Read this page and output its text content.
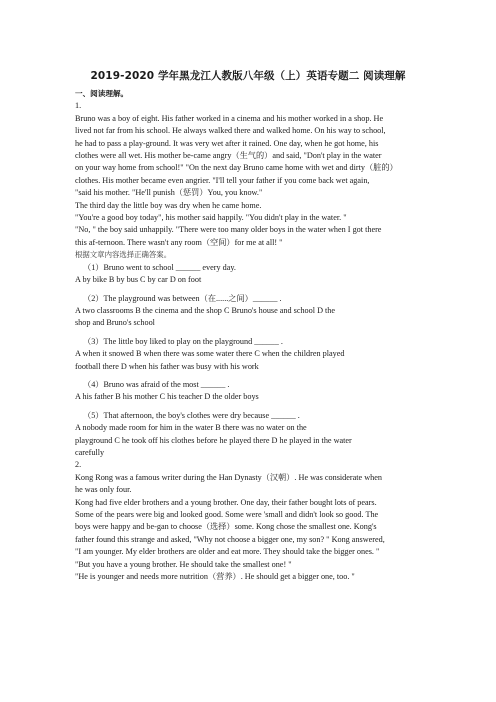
2019-2020 学年黑龙江人教版八年级（上）英语专题二 阅读理解
一、阅读理解。
1.
Bruno was a boy of eight. His father worked in a cinema and his mother worked in a shop. He
lived not far from his school. He always walked there and walked home. On his way to school,
he had to pass a play-ground. It was very wet after it rained. One day, when he got home, his
clothes were all wet. His mother be-came angry（生气的）and said, "Don't play in the water
on your way home from school!" "On the next day Bruno came home with wet and dirty（脏的）
clothes. His mother became even angrier. "I'll tell your father if you come back wet again,
"said his mother. "He'll punish（惩罚）You, you know."
The third day the little boy was dry when he came home.
"You're a good boy today", his mother said happily. "You didn't play in the water. "
"No, " the boy said unhappily. "There were too many older boys in the water when I got there
this af-ternoon. There wasn't any room（空间）for me at all! "
根据文章内容选择正确答案。
（1）Bruno went to school ______ every day.
A by bike B by bus C by car D on foot
（2）The playground was between（在......之间）______ .
A two classrooms B the cinema and the shop C Bruno's house and school D the
shop and Bruno's school
（3）The little boy liked to play on the playground ______ .
A when it snowed B when there was some water there C when the children played
football there D when his father was busy with his work
（4）Bruno was afraid of the most ______ .
A his father B his mother C his teacher D the older boys
（5）That afternoon, the boy's clothes were dry because ______ .
A nobody made room for him in the water B there was no water on the
playground C he took off his clothes before he played there D he played in the water
carefully
2.
Kong Rong was a famous writer during the Han Dynasty（汉朝）. He was considerate when
he was only four.
Kong had five elder brothers and a young brother. One day, their father bought lots of pears.
Some of the pears were big and looked good. Some were 'small and didn't look so good. The
boys were happy and be-gan to choose（选择）some. Kong chose the smallest one. Kong's
father found this strange and asked, "Why not choose a bigger one, my son? " Kong answered,
"I am younger. My elder brothers are older and eat more. They should take the bigger ones. "
"But you have a young brother. He should take the smallest one! "
"He is younger and needs more nutrition（营养）. He should get a bigger one, too. "
